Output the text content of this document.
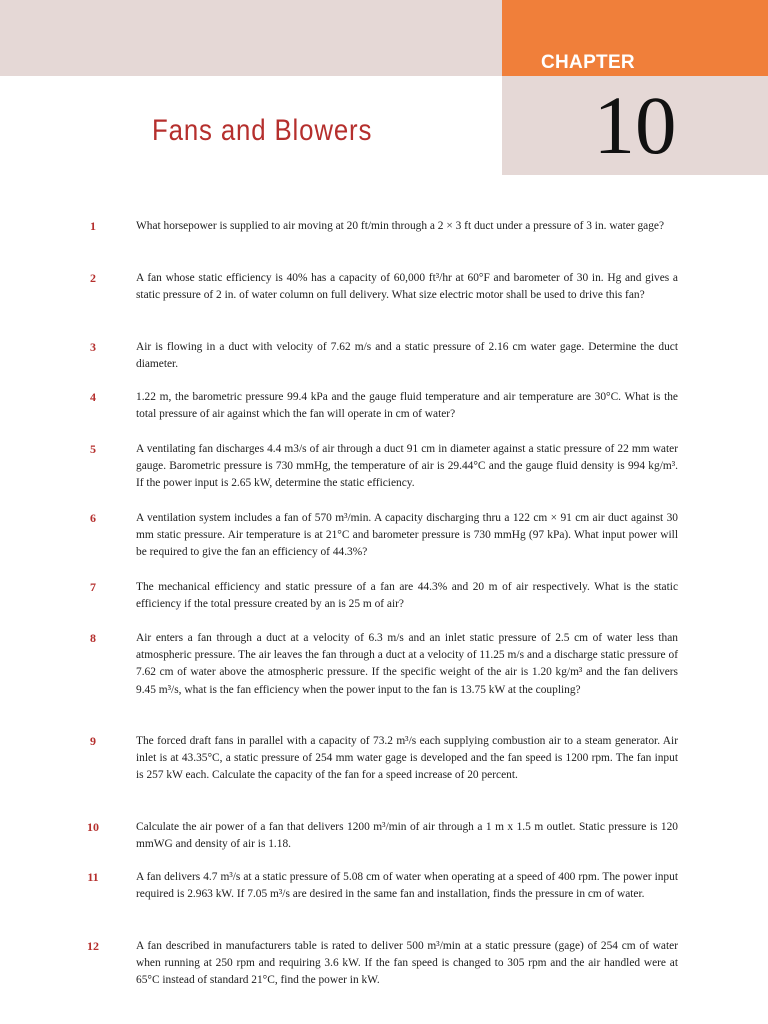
CHAPTER
10
Fans and Blowers
1	What horsepower is supplied to air moving at 20 ft/min through a 2 × 3 ft duct under a pressure of 3 in. water gage?
2	A fan whose static efficiency is 40% has a capacity of 60,000 ft³/hr at 60°F and barometer of 30 in. Hg and gives a static pressure of 2 in. of water column on full delivery. What size electric motor shall be used to drive this fan?
3	Air is flowing in a duct with velocity of 7.62 m/s and a static pressure of 2.16 cm water gage. Determine the duct diameter.
4	1.22 m, the barometric pressure 99.4 kPa and the gauge fluid temperature and air temperature are 30°C. What is the total pressure of air against which the fan will operate in cm of water?
5	A ventilating fan discharges 4.4 m3/s of air through a duct 91 cm in diameter against a static pressure of 22 mm water gauge. Barometric pressure is 730 mmHg, the temperature of air is 29.44°C and the gauge fluid density is 994 kg/m³. If the power input is 2.65 kW, determine the static efficiency.
6	A ventilation system includes a fan of 570 m³/min. A capacity discharging thru a 122 cm × 91 cm air duct against 30 mm static pressure. Air temperature is at 21°C and barometer pressure is 730 mmHg (97 kPa). What input power will be required to give the fan an efficiency of 44.3%?
7	The mechanical efficiency and static pressure of a fan are 44.3% and 20 m of air respectively. What is the static efficiency if the total pressure created by an is 25 m of air?
8	Air enters a fan through a duct at a velocity of 6.3 m/s and an inlet static pressure of 2.5 cm of water less than atmospheric pressure. The air leaves the fan through a duct at a velocity of 11.25 m/s and a discharge static pressure of 7.62 cm of water above the atmospheric pressure. If the specific weight of the air is 1.20 kg/m³ and the fan delivers 9.45 m³/s, what is the fan efficiency when the power input to the fan is 13.75 kW at the coupling?
9	The forced draft fans in parallel with a capacity of 73.2 m³/s each supplying combustion air to a steam generator. Air inlet is at 43.35°C, a static pressure of 254 mm water gage is developed and the fan speed is 1200 rpm. The fan input is 257 kW each. Calculate the capacity of the fan for a speed increase of 20 percent.
10	Calculate the air power of a fan that delivers 1200 m³/min of air through a 1 m x 1.5 m outlet. Static pressure is 120 mmWG and density of air is 1.18.
11	A fan delivers 4.7 m³/s at a static pressure of 5.08 cm of water when operating at a speed of 400 rpm. The power input required is 2.963 kW. If 7.05 m³/s are desired in the same fan and installation, finds the pressure in cm of water.
12	A fan described in manufacturers table is rated to deliver 500 m³/min at a static pressure (gage) of 254 cm of water when running at 250 rpm and requiring 3.6 kW. If the fan speed is changed to 305 rpm and the air handled were at 65°C instead of standard 21°C, find the power in kW.
